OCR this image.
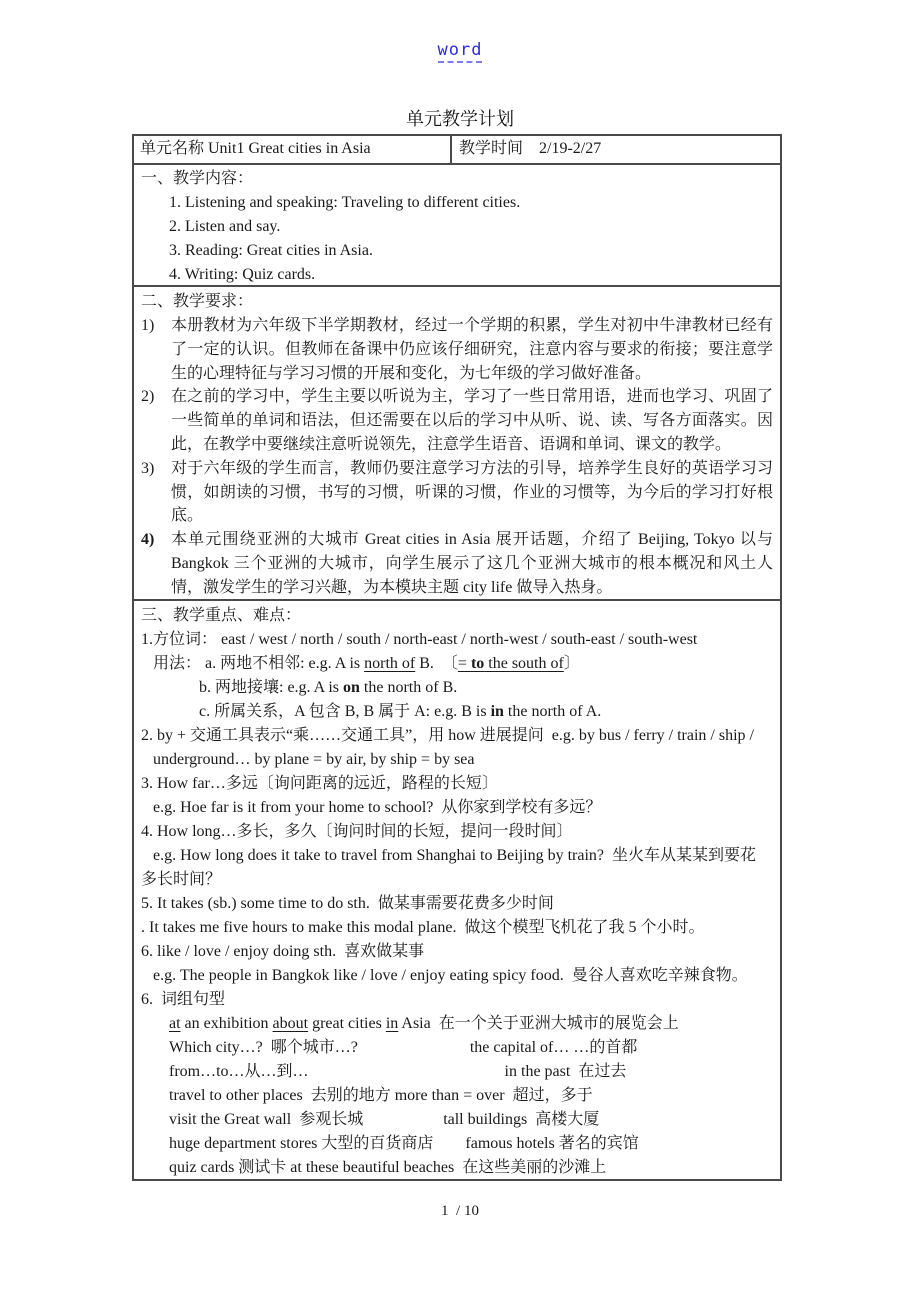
word
单元教学计划
单元名称 Unit1 Great cities in Asia	教学时间　2/19-2/27
一、教学内容：
1. Listening and speaking: Traveling to different cities.
2. Listen and say.
3. Reading: Great cities in Asia.
4. Writing: Quiz cards.
二、教学要求：
1)	本册教材为六年级下半学期教材，经过一个学期的积累，学生对初中牛津教材已经有了一定的认识。但教师在备课中仍应该仔细研究，注意内容与要求的衔接；要注意学生的心理特征与学习习惯的开展和变化，为七年级的学习做好准备。
2)	在之前的学习中，学生主要以听说为主，学习了一些日常用语，进而也学习、巩固了一些简单的单词和语法，但还需要在以后的学习中从听、说、读、写各方面落实。因此，在教学中要继续注意听说领先，注意学生语音、语调和单词、课文的教学。
3)	对于六年级的学生而言，教师仍要注意学习方法的引导，培养学生良好的英语学习习惯，如朗读的习惯，书写的习惯，听课的习惯，作业的习惯等，为今后的学习打好根底。
4)	本单元围绕亚洲的大城市 Great cities in Asia 展开话题，介绍了 Beijing, Tokyo 以与 Bangkok 三个亚洲的大城市，向学生展示了这几个亚洲大城市的根本概况和风土人情，激发学生的学习兴趣，为本模块主题 city life 做导入热身。
三、教学重点、难点：
1.方位词： east / west / north / south / north-east / north-west / south-east / south-west
用法： a. 两地不相邻: e.g. A is north of B.　〔= to the south of〕
b. 两地接壤: e.g. A is on the north of B.
c. 所属关系，A 包含 B, B 属于 A: e.g. B is in the north of A.
2. by + 交通工具表示“乘……交通工具”，用 how 进展提问  e.g. by bus / ferry / train / ship /
underground… by plane = by air, by ship = by sea
3. How far…多远〔询问距离的远近，路程的长短〕
e.g. Hoe far is it from your home to school?  从你家到学校有多远？
4. How long…多长，多久〔询问时间的长短，提问一段时间〕
e.g. How long does it take to travel from Shanghai to Beijing by train?  坐火车从某某到要花
多长时间？
5. It takes (sb.) some time to do sth.  做某事需要花费多少时间
. It takes me five hours to make this modal plane.  做这个模型飞机花了我 5 个小时。
6. like / love / enjoy doing sth.  喜欢做某事
e.g. The people in Bangkok like / love / enjoy eating spicy food.  曼谷人喜欢吃辛辣食物。
6.  词组句型
at an exhibition about great cities in Asia  在一个关于亚洲大城市的展览会上
Which city…?  哪个城市…?　　　　　　　the capital of… …的首都
from…to…从…到…　　　　　　　　　　　　 in the past  在过去
travel to other places  去别的地方 more than = over  超过，多于
visit the Great wall  参观长城　　　　　tall buildings  高楼大厦
huge department stores 大型的百货商店　　famous hotels 著名的宾馆
quiz cards 测试卡 at these beautiful beaches  在这些美丽的沙滩上
1  / 10
